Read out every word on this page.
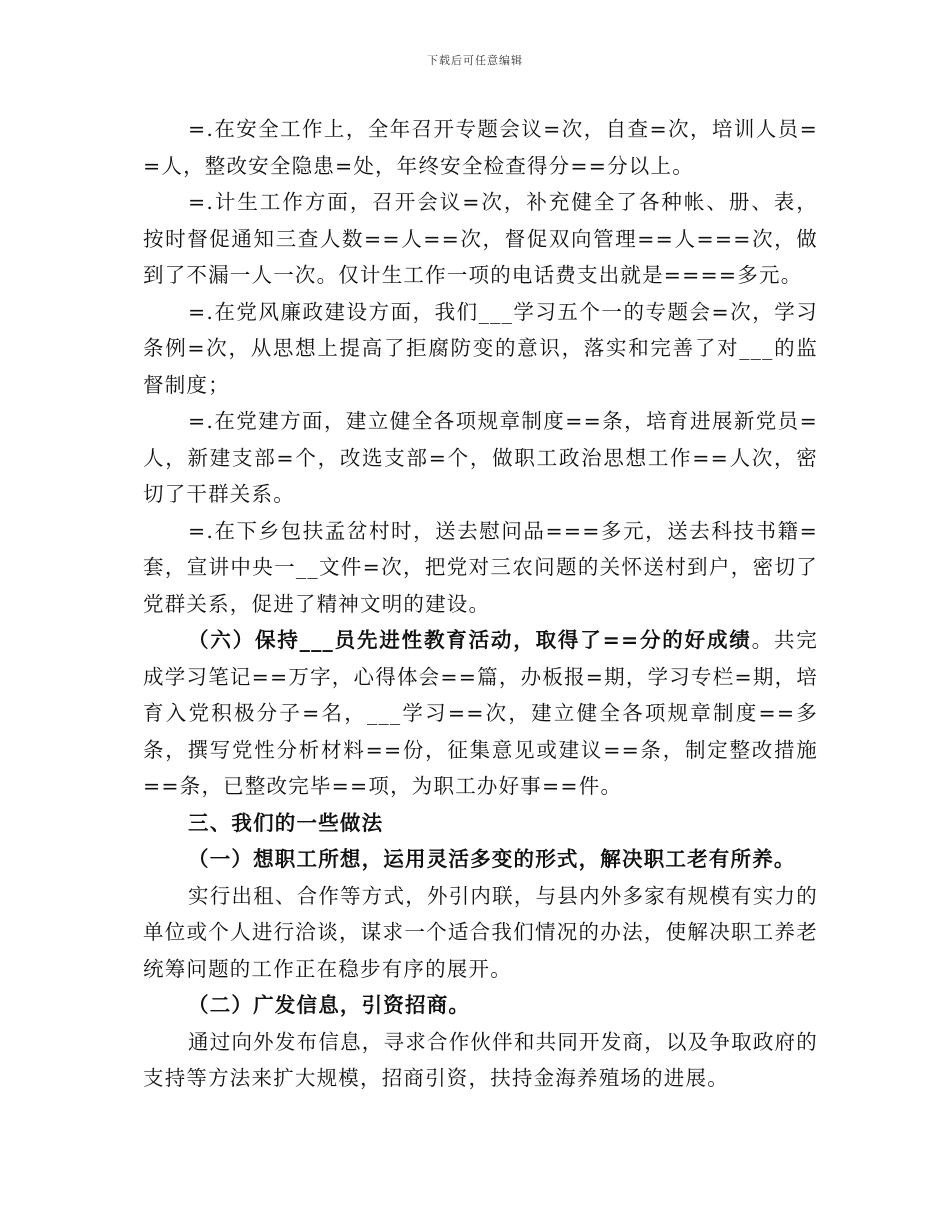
下载后可任意编辑

=.在安全工作上，全年召开专题会议=次，自查=次，培训人员==人，整改安全隐患=处，年终安全检查得分==分以上。

=.计生工作方面，召开会议=次，补充健全了各种帐、册、表，按时督促通知三查人数==人==次，督促双向管理==人===次，做到了不漏一人一次。仅计生工作一项的电话费支出就是====多元。

=.在党风廉政建设方面，我们___学习五个一的专题会=次，学习条例=次，从思想上提高了拒腐防变的意识，落实和完善了对___的监督制度；

=.在党建方面，建立健全各项规章制度==条，培育进展新党员=人，新建支部=个，改选支部=个，做职工政治思想工作==人次，密切了干群关系。

=.在下乡包扶孟岔村时，送去慰问品===多元，送去科技书籍=套，宣讲中央一__文件=次，把党对三农问题的关怀送村到户，密切了党群关系，促进了精神文明的建设。

（六）保持___员先进性教育活动，取得了==分的好成绩。共完成学习笔记==万字，心得体会==篇，办板报=期，学习专栏=期，培育入党积极分子=名，___学习==次，建立健全各项规章制度==多条，撰写党性分析材料==份，征集意见或建议==条，制定整改措施==条，已整改完毕==项，为职工办好事==件。

三、我们的一些做法

（一）想职工所想，运用灵活多变的形式，解决职工老有所养。

实行出租、合作等方式，外引内联，与县内外多家有规模有实力的单位或个人进行洽谈，谋求一个适合我们情况的办法，使解决职工养老统筹问题的工作正在稳步有序的展开。

（二）广发信息，引资招商。

通过向外发布信息，寻求合作伙伴和共同开发商，以及争取政府的支持等方法来扩大规模，招商引资，扶持金海养殖场的进展。
